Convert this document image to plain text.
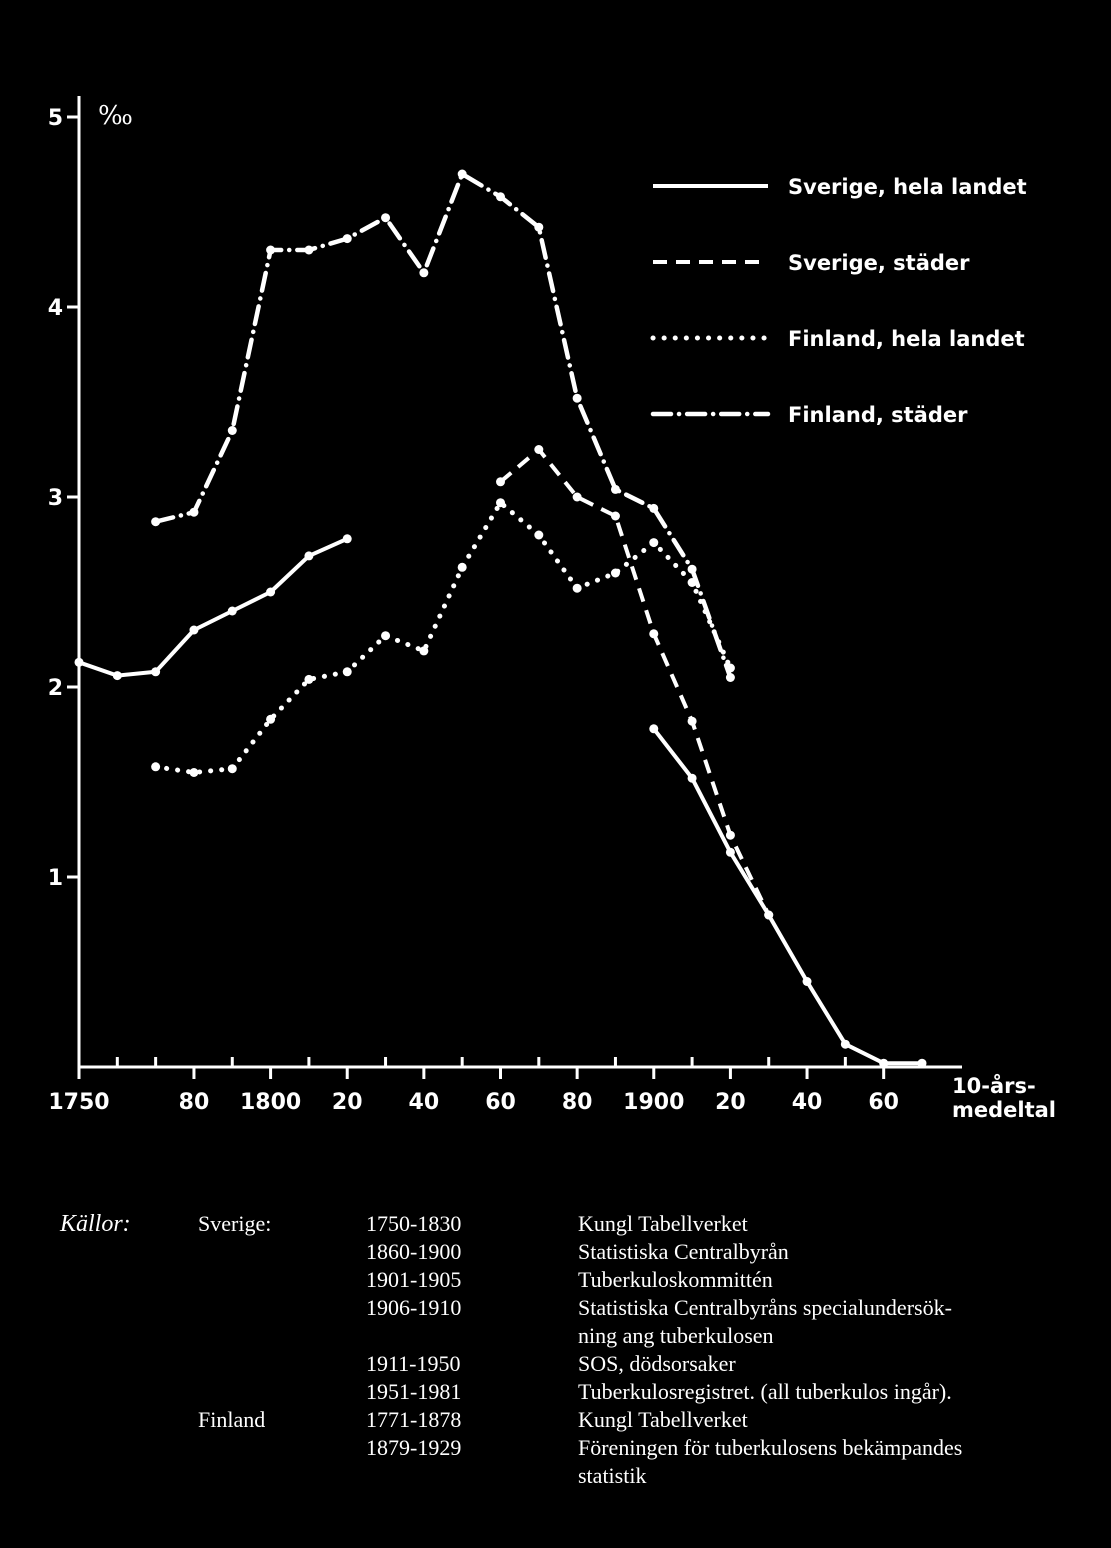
1
2
3
4
5 ‰
1750	80 1800 20 40 60 80 1900 20 40 60
10-års-medeltal
Sverige, hela landet
Sverige, städer
Finland, hela landet
Finland, städer
Källor:	Sverige:	1750-1830	Kungl Tabellverket
1860-1900	Statistiska Centralbyrån
1901-1905	Tuberkuloskommittén
1906-1910	Statistiska Centralbyråns specialundersök-
ning ang tuberkulosen
1911-1950	SOS, dödsorsaker
1951-1981	Tuberkulosregistret. (all tuberkulos ingår).
Finland	1771-1878	Kungl Tabellverket
1879-1929	Föreningen för tuberkulosens bekämpandes
statistik
